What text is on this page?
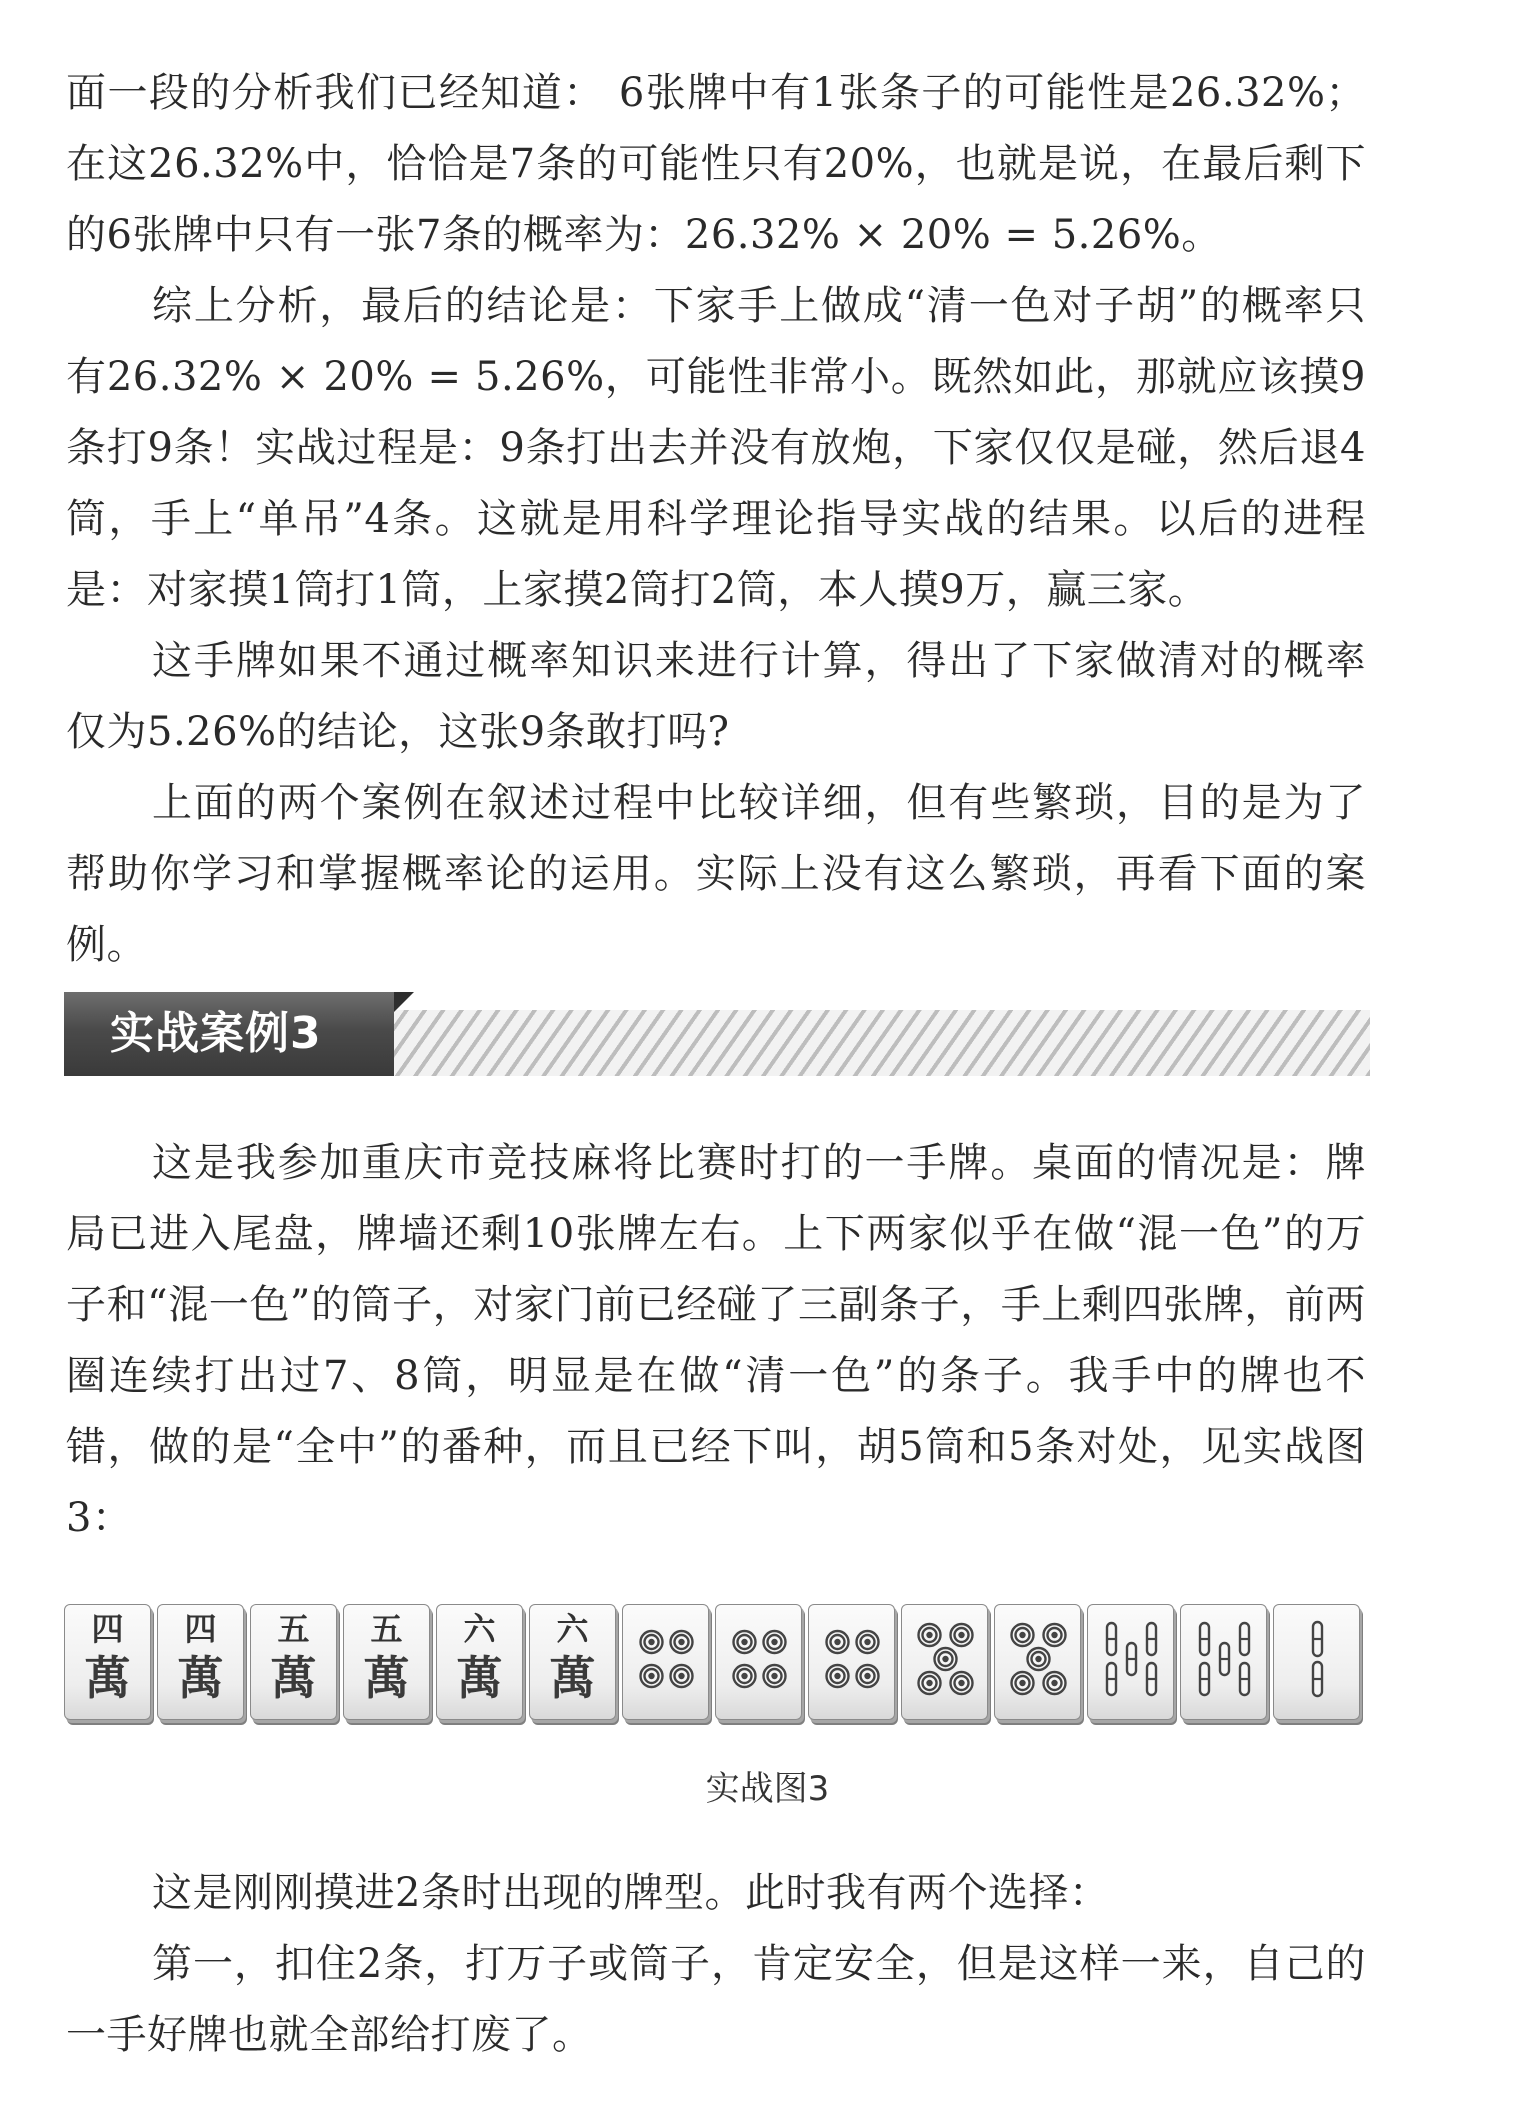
面一段的分析我们已经知道： 6张牌中有1张条子的可能性是26.32%；在这26.32%中，恰恰是7条的可能性只有20%，也就是说，在最后剩下的6张牌中只有一张7条的概率为：26.32% × 20% = 5.26%。

综上分析，最后的结论是：下家手上做成“清一色对子胡”的概率只有26.32% × 20% = 5.26%，可能性非常小。既然如此，那就应该摸9条打9条！实战过程是：9条打出去并没有放炮，下家仅仅是碰，然后退4筒，手上“单吊”4条。这就是用科学理论指导实战的结果。以后的进程是：对家摸1筒打1筒，上家摸2筒打2筒，本人摸9万，赢三家。

这手牌如果不通过概率知识来进行计算，得出了下家做清对的概率仅为5.26%的结论，这张9条敢打吗?

上面的两个案例在叙述过程中比较详细，但有些繁琐，目的是为了帮助你学习和掌握概率论的运用。实际上没有这么繁琐，再看下面的案例。

实战案例3

这是我参加重庆市竞技麻将比赛时打的一手牌。桌面的情况是：牌局已进入尾盘，牌墙还剩10张牌左右。上下两家似乎在做“混一色”的万子和“混一色”的筒子，对家门前已经碰了三副条子，手上剩四张牌，前两圈连续打出过7、8筒，明显是在做“清一色”的条子。我手中的牌也不错，做的是“全中”的番种，而且已经下叫，胡5筒和5条对处，见实战图3：

四
萬
四
萬
五
萬
五
萬
六
萬
六
萬
实战图3

这是刚刚摸进2条时出现的牌型。此时我有两个选择：

第一，扣住2条，打万子或筒子，肯定安全，但是这样一来，自己的一手好牌也就全部给打废了。
